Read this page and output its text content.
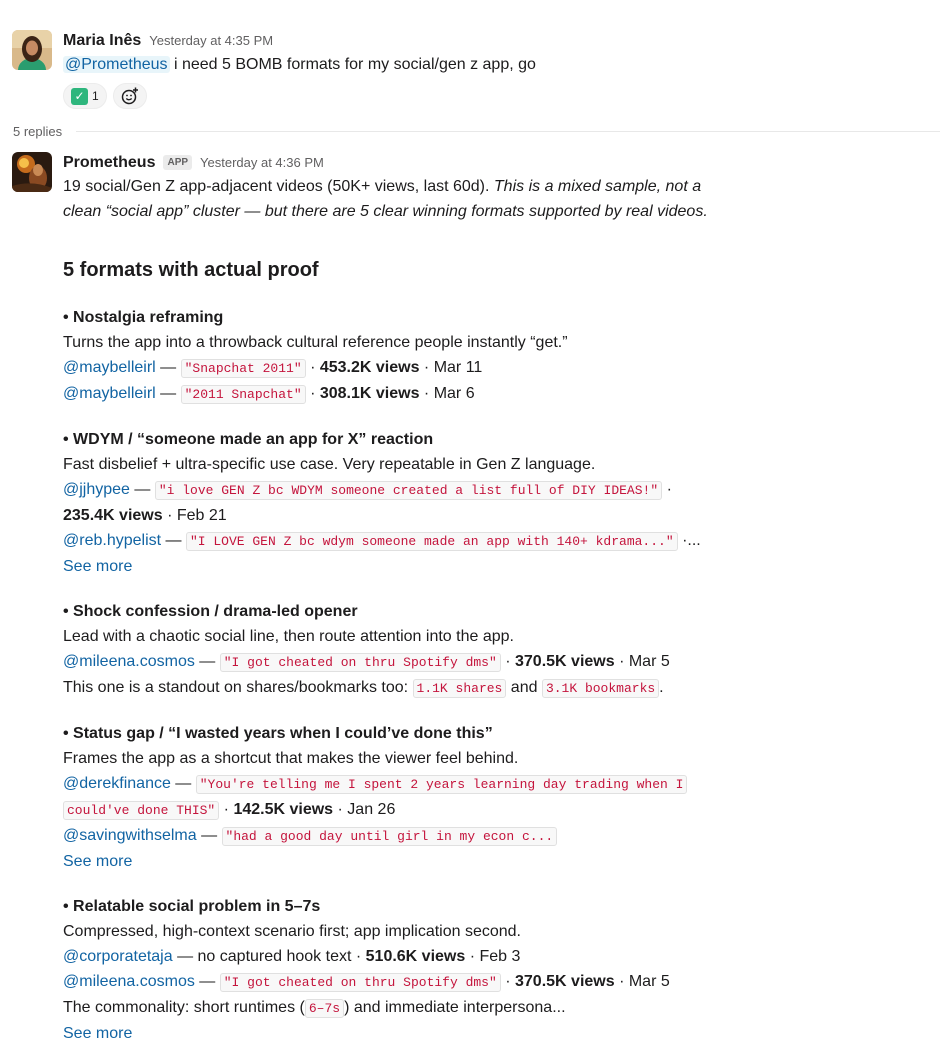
Maria Inês Yesterday at 4:35 PM
@Prometheus i need 5 BOMB formats for my social/gen z app, go
✓ 1
5 replies
Prometheus	APP Yesterday at 4:36 PM
19 social/Gen Z app-adjacent videos (50K+ views, last 60d). This is a mixed sample, not a
clean “social app” cluster — but there are 5 clear winning formats supported by real videos.
5 formats with actual proof
• Nostalgia reframing
Turns the app into a throwback cultural reference people instantly “get.”
@maybelleirl — "Snapchat 2011" · 453.2K views · Mar 11
@maybelleirl — "2011 Snapchat" · 308.1K views · Mar 6
• WDYM / “someone made an app for X” reaction
Fast disbelief + ultra-specific use case. Very repeatable in Gen Z language.
@jjhypee — "i love GEN Z bc WDYM someone created a list full of DIY IDEAS!" ·
235.4K views · Feb 21
@reb.hypelist — "I LOVE GEN Z bc wdym someone made an app with 140+ kdrama..." ·...
See more
• Shock confession / drama-led opener
Lead with a chaotic social line, then route attention into the app.
@mileena.cosmos — "I got cheated on thru Spotify dms" · 370.5K views · Mar 5
This one is a standout on shares/bookmarks too: 1.1K shares and 3.1K bookmarks .
• Status gap / “I wasted years when I could’ve done this”
Frames the app as a shortcut that makes the viewer feel behind.
@derekfinance — "You're telling me I spent 2 years learning day trading when I
could've done THIS" · 142.5K views · Jan 26
@savingwithselma — "had a good day until girl in my econ c...
See more
• Relatable social problem in 5–7s
Compressed, high-context scenario first; app implication second.
@corporatetaja — no captured hook text · 510.6K views · Feb 3
@mileena.cosmos — "I got cheated on thru Spotify dms" · 370.5K views · Mar 5
The commonality: short runtimes ( 6–7s ) and immediate interpersona...
See more
